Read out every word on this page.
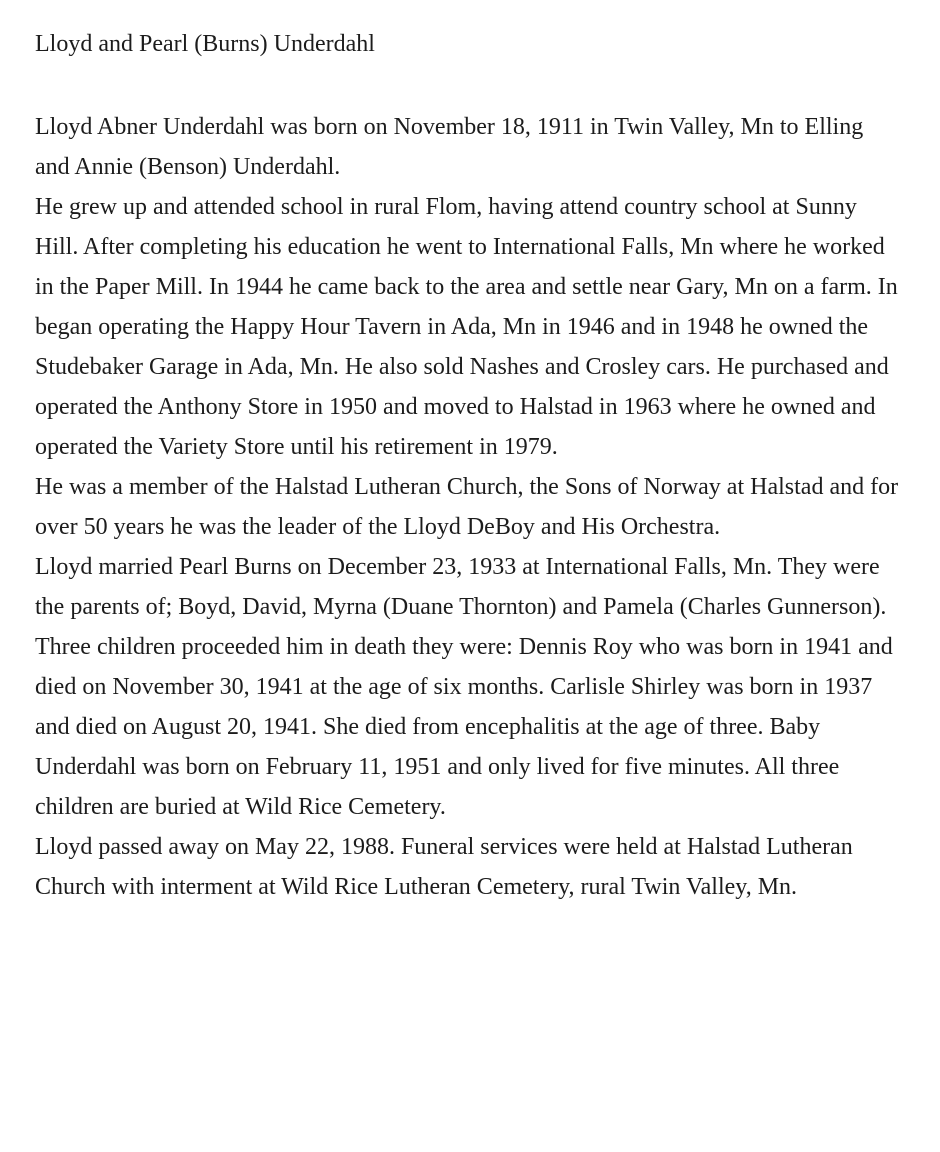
Lloyd and Pearl (Burns) Underdahl

Lloyd Abner Underdahl was born on November 18, 1911 in Twin Valley, Mn to Elling and Annie (Benson) Underdahl.

He grew up and attended school in rural Flom, having attend country school at Sunny Hill. After completing his education he went to International Falls, Mn where he worked in the Paper Mill. In 1944 he came back to the area and settle near Gary, Mn on a farm. In began operating the Happy Hour Tavern in Ada, Mn in 1946 and in 1948 he owned the Studebaker Garage in Ada, Mn. He also sold Nashes and Crosley cars. He purchased and operated the Anthony Store in 1950 and moved to Halstad in 1963 where he owned and operated the Variety Store until his retirement in 1979.

He was a member of the Halstad Lutheran Church, the Sons of Norway at Halstad and for over 50 years he was the leader of the Lloyd DeBoy and His Orchestra.

Lloyd married Pearl Burns on December 23, 1933 at International Falls, Mn. They were the parents of; Boyd, David, Myrna (Duane Thornton) and Pamela (Charles Gunnerson). Three children proceeded him in death they were: Dennis Roy who was born in 1941 and died on November 30, 1941 at the age of six months. Carlisle Shirley was born in 1937 and died on August 20, 1941. She died from encephalitis at the age of three. Baby Underdahl was born on February 11, 1951 and only lived for five minutes. All three children are buried at Wild Rice Cemetery.

Lloyd passed away on May 22, 1988. Funeral services were held at Halstad Lutheran Church with interment at Wild Rice Lutheran Cemetery, rural Twin Valley, Mn.
